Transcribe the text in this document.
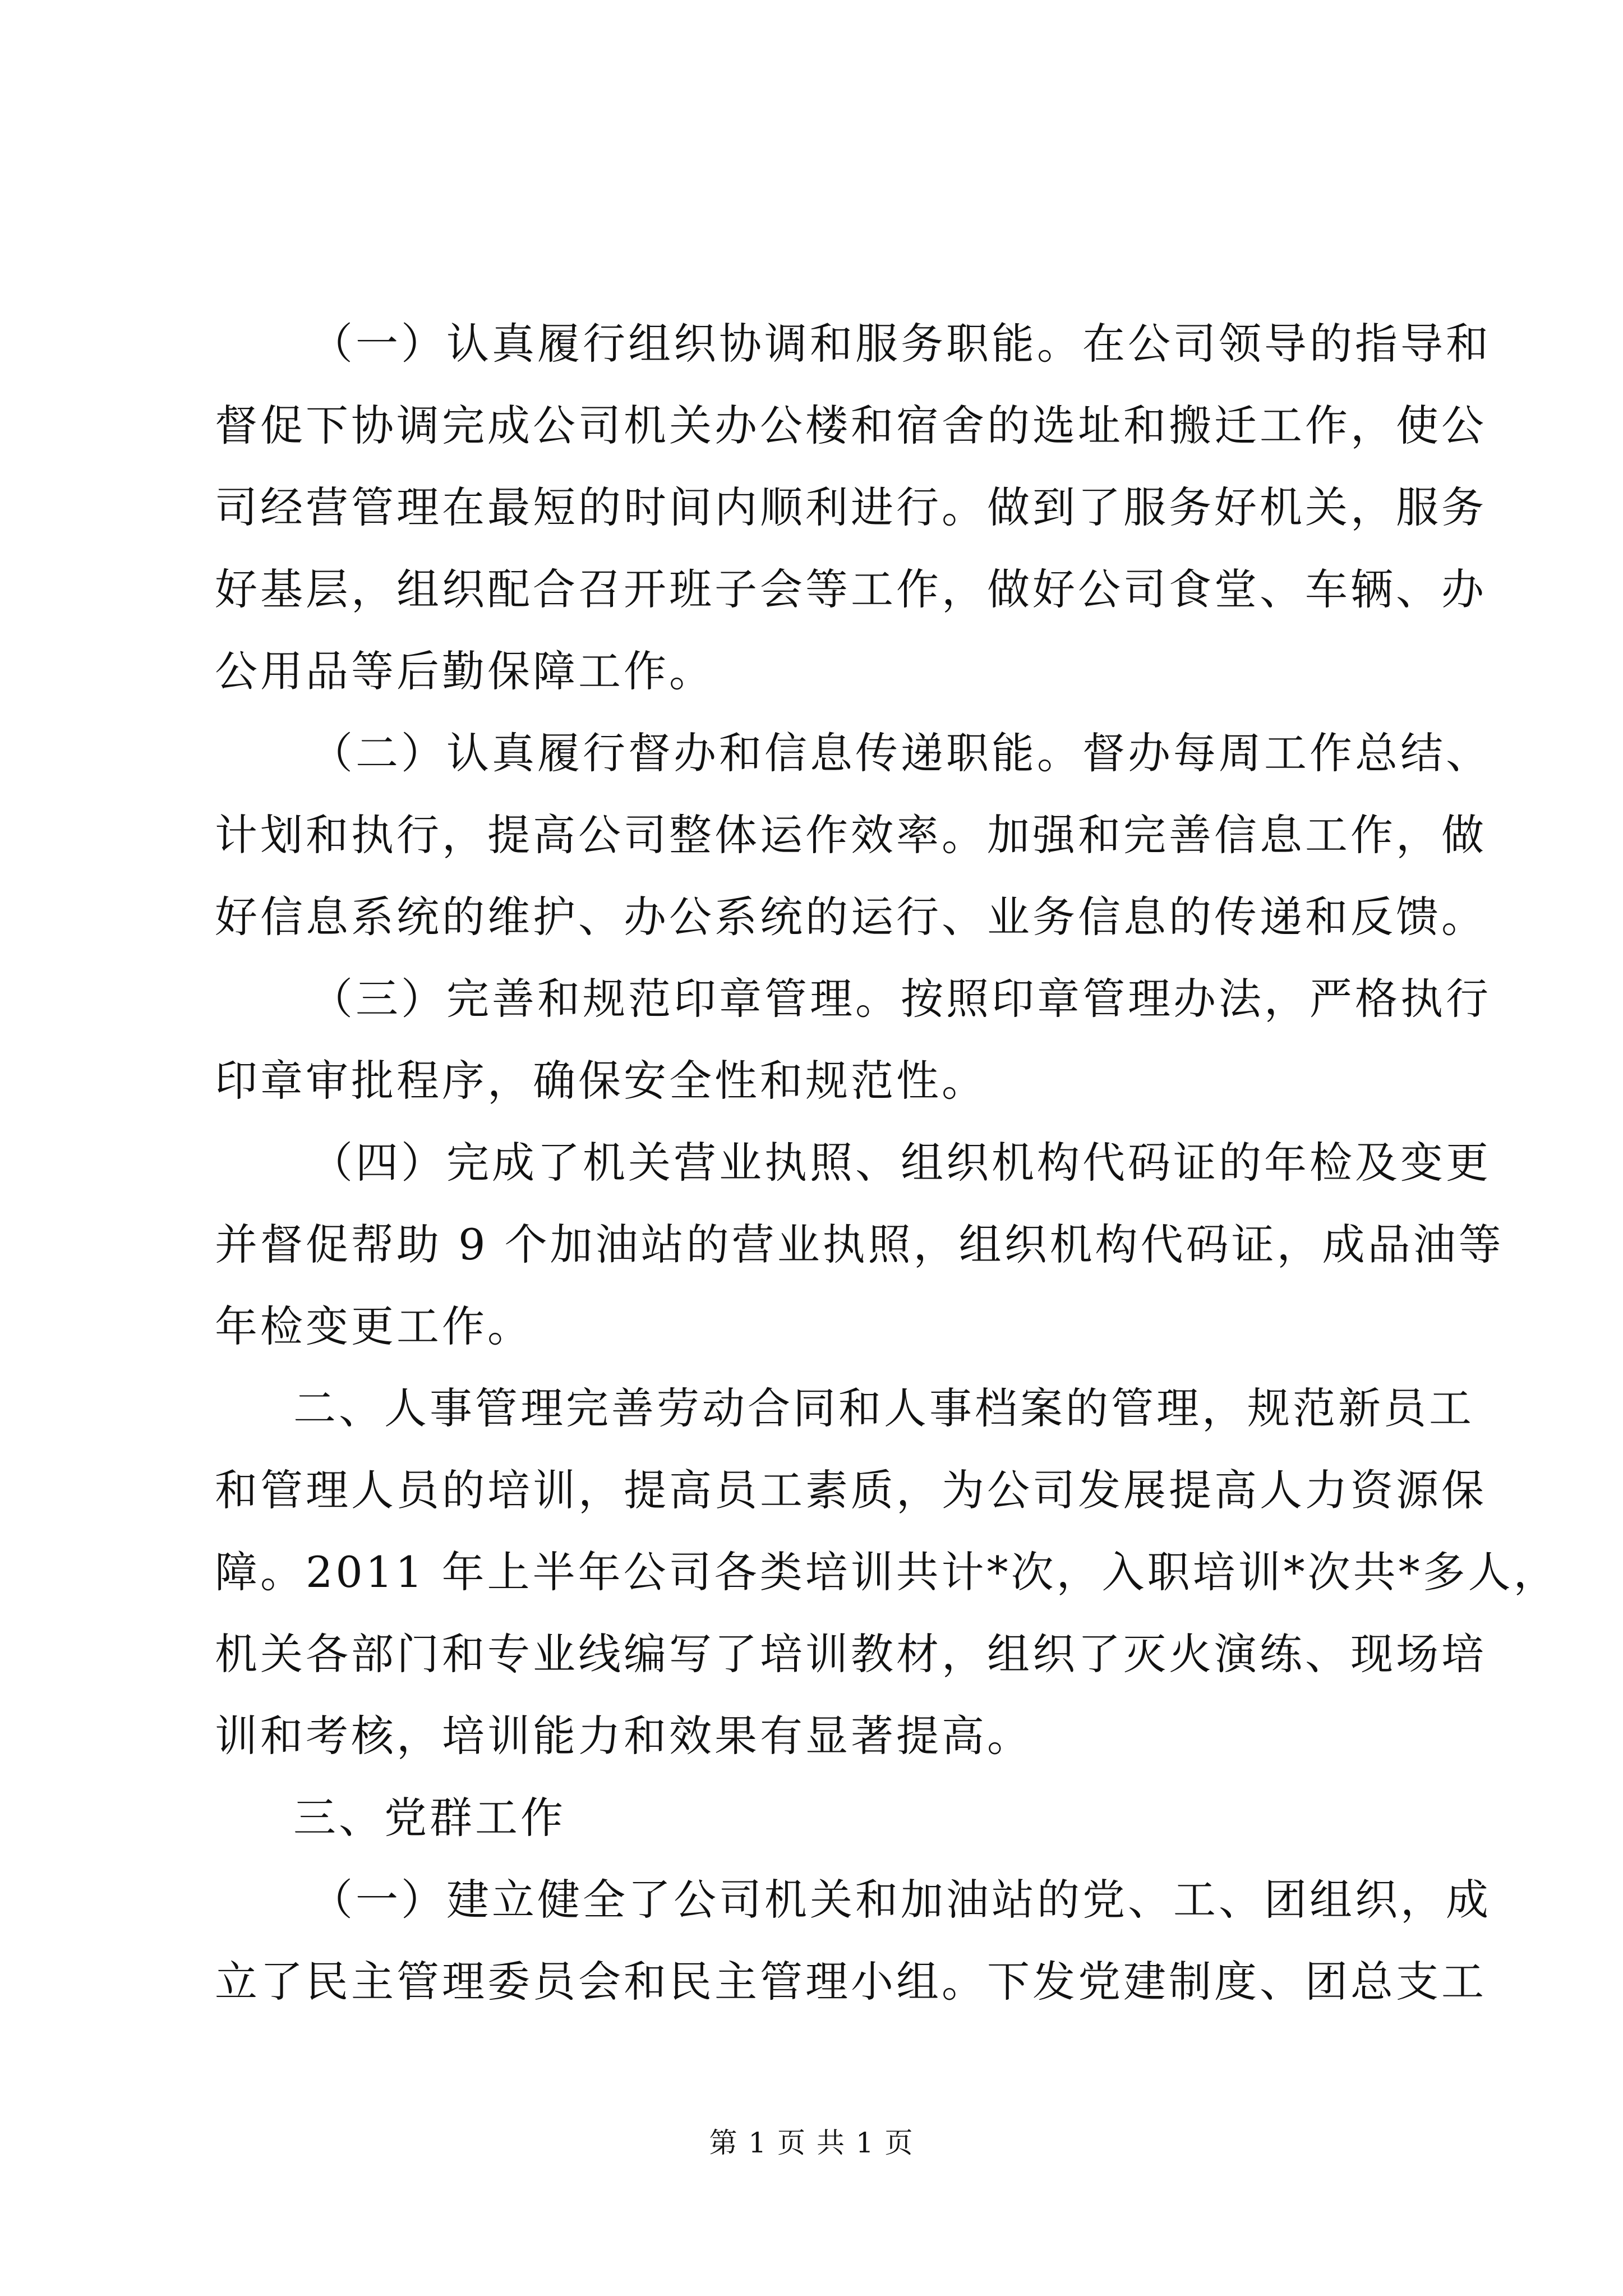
（一）认真履行组织协调和服务职能。在公司领导的指导和
督促下协调完成公司机关办公楼和宿舍的选址和搬迁工作，使公
司经营管理在最短的时间内顺利进行。做到了服务好机关，服务
好基层，组织配合召开班子会等工作，做好公司食堂、车辆、办
公用品等后勤保障工作。
（二）认真履行督办和信息传递职能。督办每周工作总结、
计划和执行，提高公司整体运作效率。加强和完善信息工作，做
好信息系统的维护、办公系统的运行、业务信息的传递和反馈。
（三）完善和规范印章管理。按照印章管理办法，严格执行
印章审批程序，确保安全性和规范性。
（四）完成了机关营业执照、组织机构代码证的年检及变更
并督促帮助 9 个加油站的营业执照，组织机构代码证，成品油等
年检变更工作。
二、人事管理完善劳动合同和人事档案的管理，规范新员工
和管理人员的培训，提高员工素质，为公司发展提高人力资源保
障。2011 年上半年公司各类培训共计*次，入职培训*次共*多人，
机关各部门和专业线编写了培训教材，组织了灭火演练、现场培
训和考核，培训能力和效果有显著提高。
三、党群工作
（一）建立健全了公司机关和加油站的党、工、团组织，成
立了民主管理委员会和民主管理小组。下发党建制度、团总支工
第 1 页 共 1 页
